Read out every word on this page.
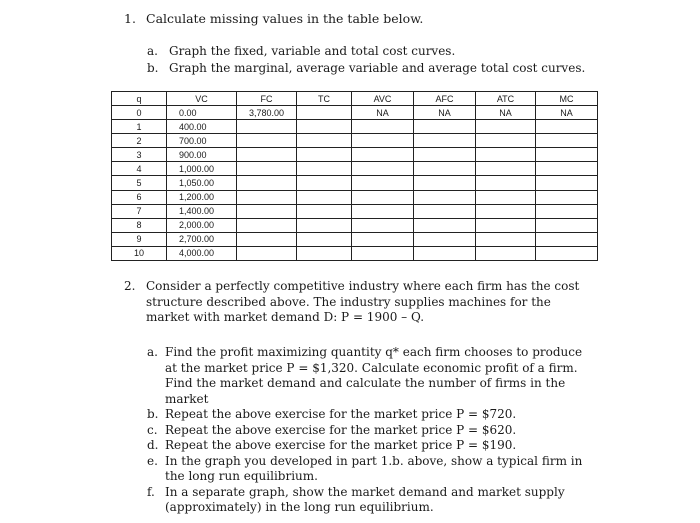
1. Calculate missing values in the table below.
a. Graph the fixed, variable and total cost curves.
b. Graph the marginal, average variable and average total cost curves.
q	VC	FC	TC	AVC	AFC	ATC	MC
0	0.00	3,780.00		NA	NA	NA	NA
1	400.00						
2	700.00						
3	900.00						
4	1,000.00						
5	1,050.00						
6	1,200.00						
7	1,400.00						
8	2,000.00						
9	2,700.00						
10	4,000.00						
2. Consider a perfectly competitive industry where each firm has the cost structure described above. The industry supplies machines for the market with market demand D: P = 1900 – Q.
a. Find the profit maximizing quantity q* each firm chooses to produce at the market price P = $1,320. Calculate economic profit of a firm. Find the market demand and calculate the number of firms in the market
b. Repeat the above exercise for the market price P = $720.
c. Repeat the above exercise for the market price P = $620.
d. Repeat the above exercise for the market price P = $190.
e. In the graph you developed in part 1.b. above, show a typical firm in the long run equilibrium.
f. In a separate graph, show the market demand and market supply (approximately) in the long run equilibrium.
